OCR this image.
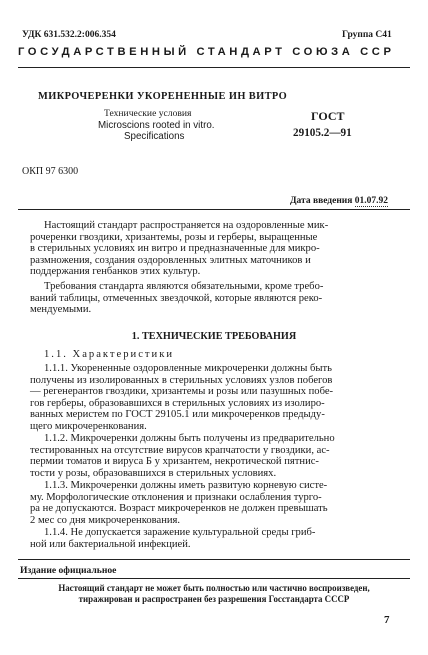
УДК 631.532.2:006.354	Группа С41
ГОСУДАРСТВЕННЫЙ СТАНДАРТ СОЮЗА ССР
МИКРОЧЕРЕНКИ УКОРЕНЕННЫЕ ИН ВИТРО
Технические условия
Microscions rooted in vitro.
Specifications
ГОСТ
29105.2—91
ОКП 97 6300
Дата введения 01.07.92
Настоящий стандарт распространяется на оздоровленные мик-
рочеренки гвоздики, хризантемы, розы и герберы, выращенные
в стерильных условиях ин витро и предназначенные для микро-
размножения, создания оздоровленных элитных маточников и
поддержания генбанков этих культур.
Требования стандарта являются обязательными, кроме требо-
ваний таблицы, отмеченных звездочкой, которые являются реко-
мендуемыми.
1. ТЕХНИЧЕСКИЕ ТРЕБОВАНИЯ
1.1. Характеристики
1.1.1. Укорененные оздоровленные микрочеренки должны быть
получены из изолированных в стерильных условиях узлов побегов
— регенерантов гвоздики, хризантемы и розы или пазушных побе-
гов герберы, образовавшихся в стерильных условиях из изолиро-
ванных меристем по ГОСТ 29105.1 или микрочеренков предыду-
щего микрочеренкования.
1.1.2. Микрочеренки должны быть получены из предварительно
тестированных на отсутствие вирусов крапчатости у гвоздики, ас-
пермии томатов и вируса Б у хризантем, некротической пятнис-
тости у розы, образовавшихся в стерильных условиях.
1.1.3. Микрочеренки должны иметь развитую корневую систе-
му. Морфологические отклонения и признаки ослабления турго-
ра не допускаются. Возраст микрочеренков не должен превышать
2 мес со дня микрочеренкования.
1.1.4. Не допускается заражение культуральной среды гриб-
ной или бактериальной инфекцией.
Издание официальное
Настоящий стандарт не может быть полностью или частично воспроизведен,
тиражирован и распространен без разрешения Госстандарта СССР
7
